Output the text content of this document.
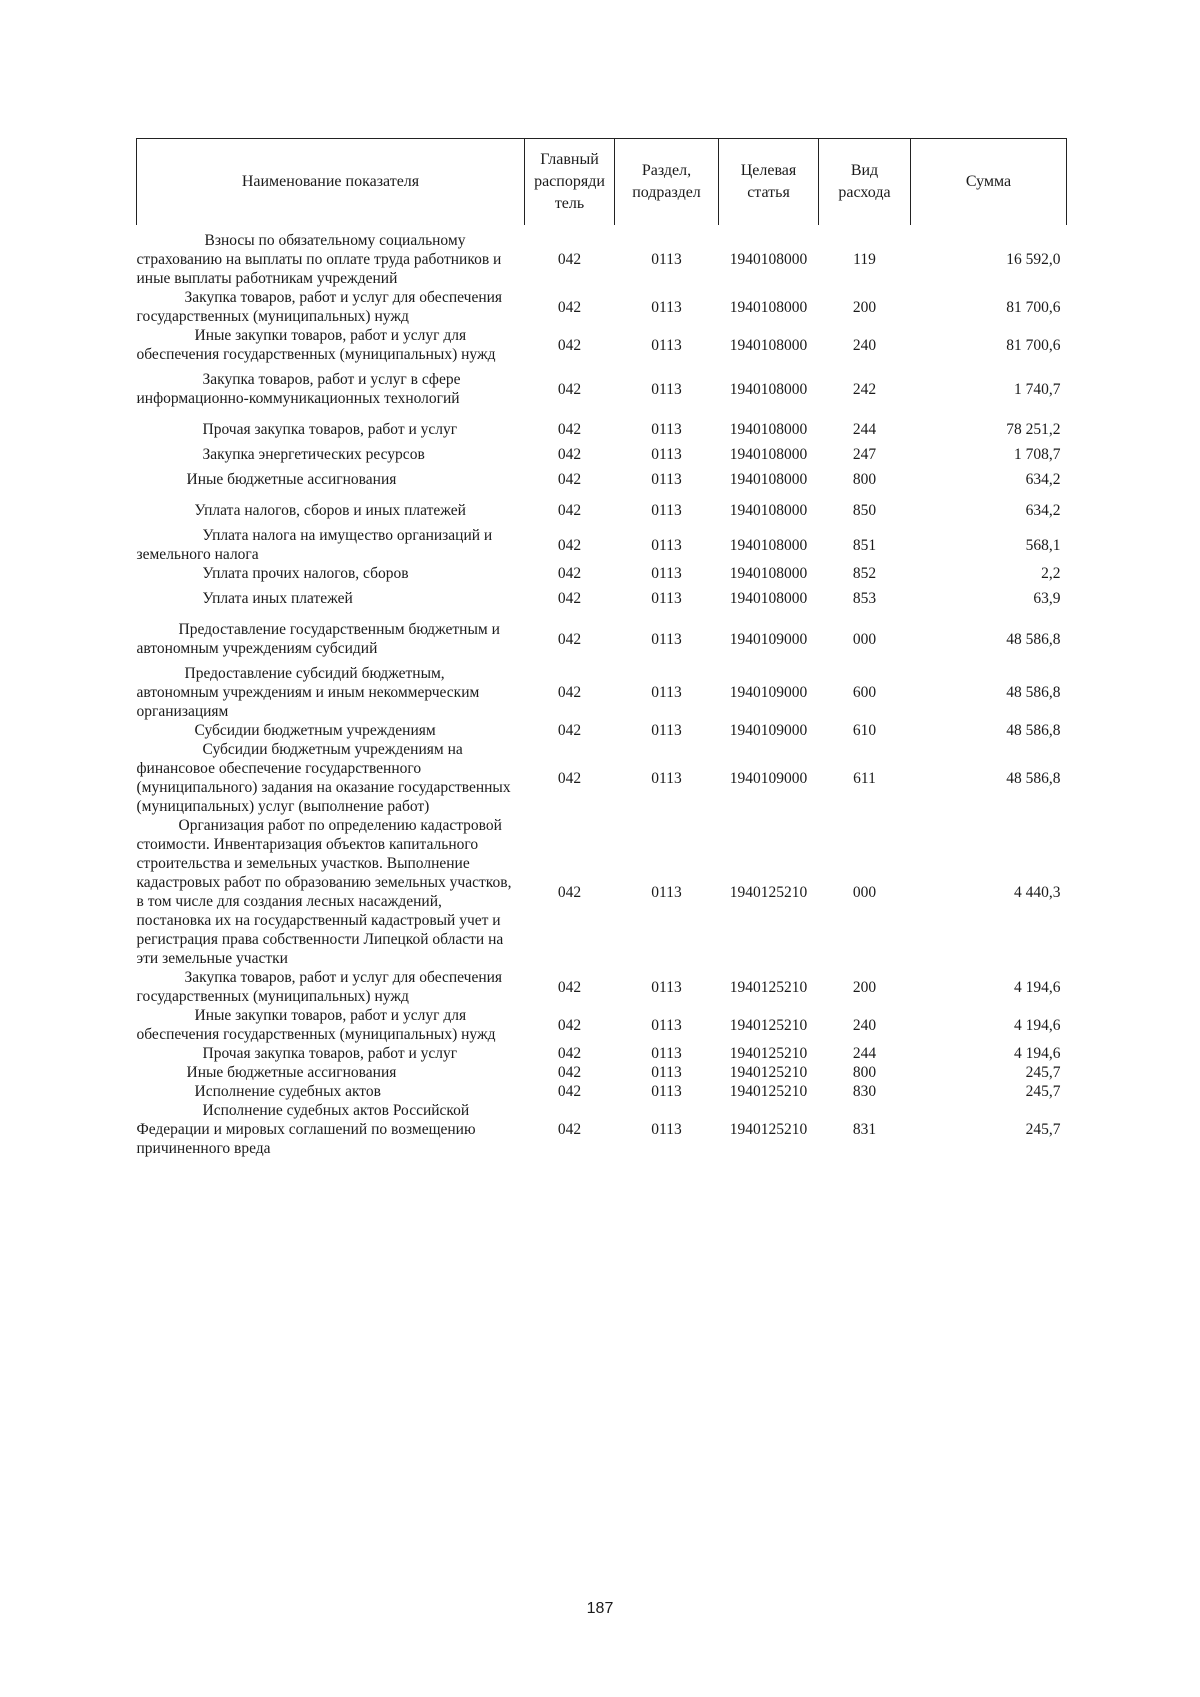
Наименование показателя	Главный распоряди тель	Раздел, подраздел	Целевая статья	Вид расхода	Сумма

Взносы по обязательному социальному страхованию на выплаты по оплате труда работников и иные выплаты работникам учреждений	042	0113	1940108000	119	16 592,0

Закупка товаров, работ и услуг для обеспечения государственных (муниципальных) нужд	042	0113	1940108000	200	81 700,6

Иные закупки товаров, работ и услуг для обеспечения государственных (муниципальных) нужд	042	0113	1940108000	240	81 700,6

Закупка товаров, работ и услуг в сфере информационно-коммуникационных технологий	042	0113	1940108000	242	1 740,7

Прочая закупка товаров, работ и услуг	042	0113	1940108000	244	78 251,2

Закупка энергетических ресурсов	042	0113	1940108000	247	1 708,7

Иные бюджетные ассигнования	042	0113	1940108000	800	634,2

Уплата налогов, сборов и иных платежей	042	0113	1940108000	850	634,2

Уплата налога на имущество организаций и земельного налога	042	0113	1940108000	851	568,1

Уплата прочих налогов, сборов	042	0113	1940108000	852	2,2

Уплата иных платежей	042	0113	1940108000	853	63,9

Предоставление государственным бюджетным и автономным учреждениям субсидий	042	0113	1940109000	000	48 586,8

Предоставление субсидий бюджетным, автономным учреждениям и иным некоммерческим организациям	042	0113	1940109000	600	48 586,8

Субсидии бюджетным учреждениям	042	0113	1940109000	610	48 586,8

Субсидии бюджетным учреждениям на финансовое обеспечение государственного (муниципального) задания на оказание государственных (муниципальных) услуг (выполнение работ)	042	0113	1940109000	611	48 586,8

Организация работ по определению кадастровой стоимости. Инвентаризация объектов капитального строительства и земельных участков. Выполнение кадастровых работ по образованию земельных участков, в том числе для создания лесных насаждений, постановка их на государственный кадастровый учет и регистрация права собственности Липецкой области на эти земельные участки	042	0113	1940125210	000	4 440,3

Закупка товаров, работ и услуг для обеспечения государственных (муниципальных) нужд	042	0113	1940125210	200	4 194,6

Иные закупки товаров, работ и услуг для обеспечения государственных (муниципальных) нужд	042	0113	1940125210	240	4 194,6

Прочая закупка товаров, работ и услуг	042	0113	1940125210	244	4 194,6

Иные бюджетные ассигнования	042	0113	1940125210	800	245,7

Исполнение судебных актов	042	0113	1940125210	830	245,7

Исполнение судебных актов Российской Федерации и мировых соглашений по возмещению причиненного вреда	042	0113	1940125210	831	245,7
187
